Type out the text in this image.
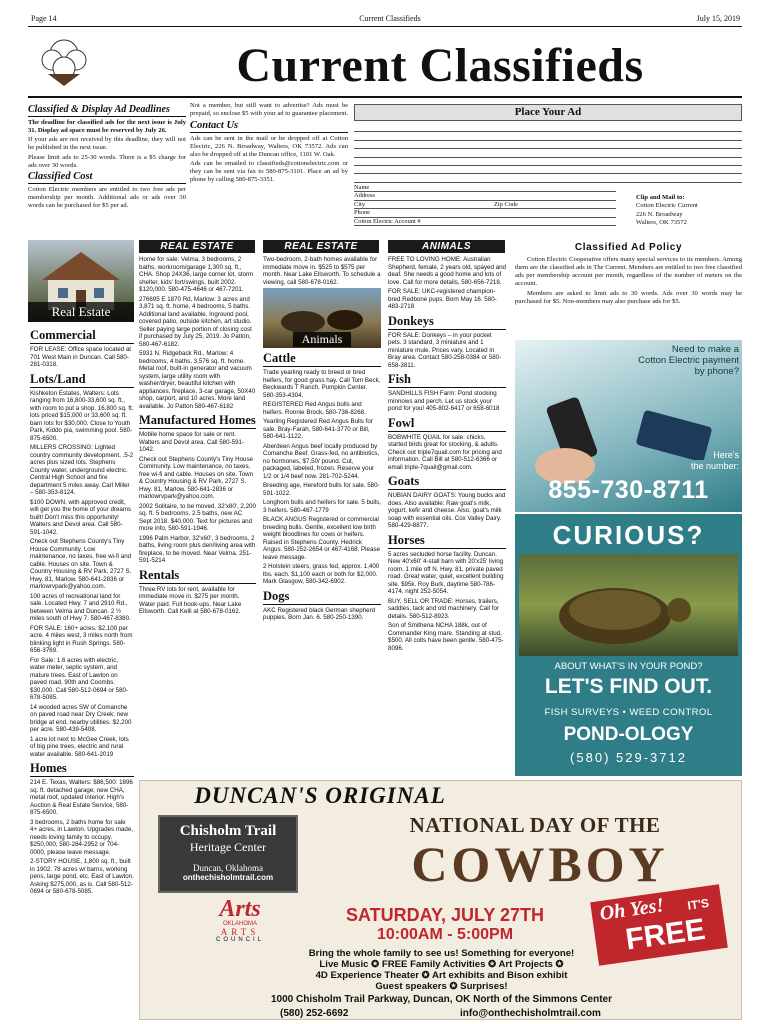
Page 14	Current Classifieds	July 15, 2019
Current Classifieds
Classified & Display Ad Deadlines

The deadline for classified ads for the next issue is July 31. Display ad space must be reserved by July 26.

If your ads are not received by this deadline, they will not be published in the next issue.

Please limit ads to 25-30 words. There is a $5 charge for ads over 30 words.

Classified Cost

Cotton Electric members are entitled to two free ads per membership per month. Additional ads or ads over 30 words can be purchased for $5 per ad.

Not a member, but still want to advertise? Ads must be prepaid, so enclose $5 with your ad to guarantee placement.

Contact Us

Ads can be sent in the mail or be dropped off at Cotton Electric, 226 N. Broadway, Walters, OK 73572. Ads can also be dropped off at the Duncan office, 1101 W. Oak.

Ads can be emailed to classifieds@cottonelectric.com or they can be sent via fax to 580-875-3101. Place an ad by phone by calling 580-875-3351.

Place Your Ad
Name
Address
City	Zip Code
Phone
Cotton Electric Account #
Clip and Mail to:
Cotton Electric Current
226 N. Broadway
Walters, OK 73572
REAL ESTATE	REAL ESTATE	ANIMALS
Real Estate
Commercial

FOR LEASE: Office space located at 701 West Main in Duncan. Call 580-281-0318.

Lots/Land

Kishketon Estates, Walters: Lots ranging from 16,800-33,600 sq. ft., with room to put a shop. 16,800 sq. ft. lots priced $15,000 or 33,600 sq. ft. barn lots for $30,000. Close to Youth Park, Kiddo pia, swimming pool. 580-875-6500.

MILLERS CROSSING: Lighted country community development, .5-2 acres plus sized lots. Stephens County water, underground electric. Central High School and fire department 5 miles away. Carl Miller – 580-353-8124.

$100 DOWN, with approved credit, will get you the home of your dreams built! Don't miss this opportunity! Walters and Devol area. Call 580-591-1042.

Check out Stephens County's Tiny House Community. Low maintenance, no taxes, free wi-fi and cable. Houses on site. Town & Country Housing & RV Park, 2727 S. Hwy. 81, Marlow. 580-641-2836 or marlowrvpark@yahoo.com.

100 acres of recreational land for sale. Located Hwy. 7 and 2910 Rd., between Velma and Duncan. 2 ½ miles south of Hwy 7. 580-467-8380.

FOR SALE: 160+ acres. $2,100 per acre. 4 miles west, 3 miles north from blinking light in Rush Springs. 580-656-3769.

For Sale: 1.6 acres with electric, water meter, septic system, and mature trees. East of Lawton on paved road. 90th and Coombs. $30,000. Call 580-512-0694 or 580-678-5085.

14 wooded acres SW of Comanche on paved road near Dry Creek; new bridge at end, nearby utilities. $2,200 per acre. 580-439-5408.

1 acre lot next to McGee Creek, lots of big pine trees, electric and rural water available. 580-641-2019

Homes

214 E. Texas, Walters: $86,500: 1896 sq. ft. detached garage, new CHA, metal roof, updated interior. High's Auction & Real Estate Service, 580-875-6500.

3 bedrooms, 2 baths home for sale 4+ acres, in Lawton. Upgrades made, needs loving family to occupy. $250,000, 580-284-2952 or 704-0000, please leave message.

2-STORY HOUSE, 1,800 sq. ft., built in 1902. 78 acres w/ barns, working pens, large pond, etc. East of Lawton. Asking $275,000, as is. Call 580-512-0694 or 580-678-5085.

Home for sale: Velma, 3 bedrooms, 2 baths, workroom/garage 1,300 sq. ft., CHA. Shop 24X36, large corner lot, storm shelter, kids' fort/swings, built 2002. $120,000. 580-475-4646 or 467-7201.

276695 E 1870 Rd, Marlow: 3 acres and 3,871 sq. ft. home, 4 bedrooms, 5 baths. Additional land available. Inground pool, covered patio, outside kitchen, art studio. Seller paying large portion of closing cost if purchased by July 25, 2019. Jo Patton, 580-467-6182.

5931 N. Ridgeback Rd., Marlow: 4 bedrooms, 4 baths, 3,576 sq. ft. home. Metal roof, built-in generator and vacuum system, large utility room with washer/dryer, beautiful kitchen with appliances, fireplace, 3-car garage, 50X40 shop, carport, and 10 acres. More land available. Jo Patton 580-467-6182

Manufactured Homes

Mobile home space for sale or rent. Walters and Devol area. Call 580-591-1042.

Check out Stephens County's Tiny House Community. Low maintenance, no taxes, free wi-fi and cable. Houses on site. Town & Country Housing & RV Park, 2727 S. Hwy. 81, Marlow. 580-641-2836 or marlowrvpark@yahoo.com.

2002 Solitaire, to be moved. 32'x80', 2,200 sq. ft. 5 bedrooms, 2.5 baths, new AC Sept 2018. $40,000. Text for pictures and more info, 580-591-1946.

1996 Palm Harbor, 32'x60', 3 bedrooms, 2 baths, living room plus den/living area with fireplace, to be moved. Near Velma. 251-591-5214

Rentals

Three RV lots for rent, available for immediate move in. $275 per month. Water paid. Full hook-ups. Near Lake Ellsworth. Call Kelli at 580-678-0162.

Two-bedroom, 2-bath homes available for immediate move in. $525 to $575 per month. Near Lake Ellsworth. To schedule a viewing, call 580-678-0162.

Animals
Cattle

Trade yearling ready to breed or bred heifers, for good grass hay. Call Tom Beck, Beckwards T Ranch. Pumpkin Center. 580-353-4304.

REGISTERED Red Angus bulls and heifers. Ronnie Brock, 580-736-8268.

Yearling Registered Red Angus Bulls for sale. Bray-Farah, 580-641-3770 or Bill, 580-641-1122.

Aberdeen Angus beef locally produced by Comanche Beef. Grass-fed, no antibiotics, no hormones, $7.50/ pound. Cut, packaged, labeled, frozen. Reserve your 1/2 or 1/4 beef now. 281-702-5244.

Breeding age, Hereford bulls for sale. 580-591-1022.

Longhorn bulls and heifers for sale. 5 bulls, 3 heifers. 580-467-1779

BLACK ANGUS Registered or commercial breeding bulls. Gentle, excellent low birth weight bloodlines for cows or heifers. Raised in Stephens County. Hedrick Angus. 580-252-2654 or 467-4168. Please leave message.

2 Holstein steers, grass fed, approx. 1,400 lbs. each. $1,100 each or both for $2,000. Mark Glasgow, 580-342-6902.

Dogs

AKC Registered black German shepherd puppies. Born Jan. 6. 580-250-1390.

FREE TO LOVING HOME: Australian Shepherd, female, 2 years old, spayed and deaf. She needs a good home and lots of love. Call for more details, 580-656-7218.

FOR SALE: UKC-registered champion-bred Redbone pups. Born May 16. 580-483-2718

Donkeys

FOR SALE: Donkeys – in your pocket pets. 3 standard, 3 miniature and 1 miniature mule. Prices vary. Located in Bray area. Contact 580-258-0384 or 580-658-3811.

Fish

SANDHILLS FISH Farm: Pond stocking minnows and perch. Let us stock your pond for you! 405-802-6417 or 658-6018

Fowl

BOBWHITE QUAIL for sale: chicks, started birds great for stocking, & adults. Check out triple7quail.com for pricing and information. Call Bill at 580-512-6366 or email triple-7quail@gmail.com.

Goats

NUBIAN DAIRY GOATS: Young bucks and does. Also available: Raw goat's milk, yogurt, kefir and cheese. Also, goat's milk soap with essential oils. Cox Valley Dairy. 580-429-8877.

Horses

5 acres secluded horse facility. Duncan. New 40'x60' 4-stall barn with 20'x25' living room. 1 mile off N. Hwy. 81, private paved road. Great water, quiet, excellent building site. $95k. Roy Burk, daytime 580-786-4174, night 252-5054.

BUY, SELL OR TRADE: Horses, trailers, saddles, tack and old machinery. Call for details. 580-512-8923.

Son of Smithena NCHA 188k, out of Commander King mare. Standing at stud, $500. All colts have been gentle. 580-475-8096.

Classified Ad Policy

Cotton Electric Cooperative offers many special services to its members. Among them are the classified ads in The Current. Members are entitled to two free classified ads per membership account per month, regardless of the number of meters on the account.

Members are asked to limit ads to 30 words. Ads over 30 words may be purchased for $5. Non-members may also purchase ads for $5.

Need to make a
Cotton Electric payment
by phone?
Here's
the number:
855-730-8711
CURIOUS?
ABOUT WHAT'S IN YOUR POND?
LET'S FIND OUT.
FISH SURVEYS • WEED CONTROL
POND-OLOGY
(580) 529-3712
DUNCAN'S ORIGINAL
NATIONAL DAY OF THE
COWBOY
Chisholm Trail
Heritage Center
Duncan, Oklahoma
onthechisholmtrail.com
Arts
OKLAHOMA
ARTS
COUNCIL
SATURDAY, JULY 27TH
10:00AM - 5:00PM
Oh Yes! IT'S
FREE
Bring the whole family to see us! Something for everyone!
Live Music ✪ FREE Family Activities ✪ Art Projects ✪
4D Experience Theater ✪ Art exhibits and Bison exhibit
Guest speakers ✪ Surprises!
1000 Chisholm Trail Parkway, Duncan, OK North of the Simmons Center
(580) 252-6692	info@onthechisholmtrail.com
